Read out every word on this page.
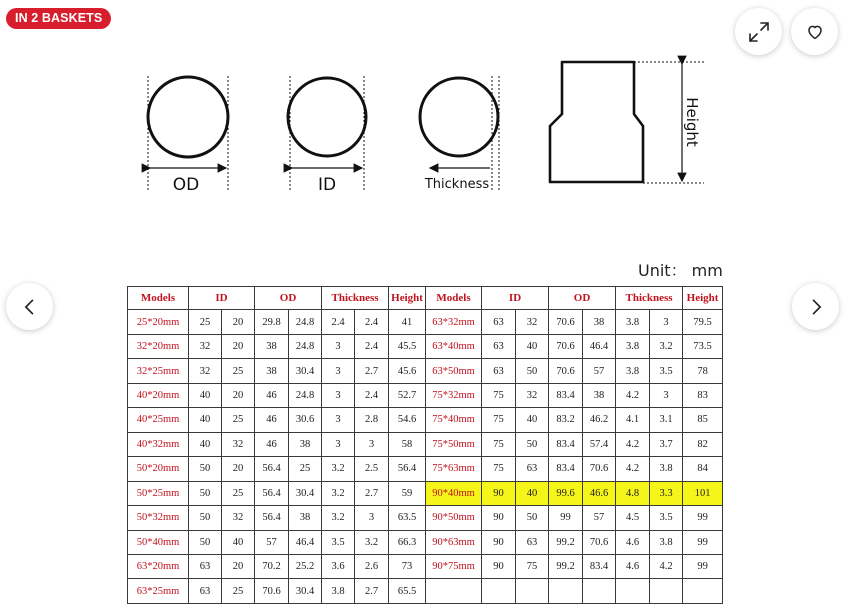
IN 2 BASKETS
OD	ID	Thickness
Height
Unit： mm
Models	ID		OD		Thickness		Height	Models	ID		OD		Thickness		Height
25*20mm	25	20	29.8	24.8	2.4	2.4	41	63*32mm	63	32	70.6	38	3.8	3	79.5
32*20mm	32	20	38	24.8	3	2.4	45.5	63*40mm	63	40	70.6	46.4	3.8	3.2	73.5
32*25mm	32	25	38	30.4	3	2.7	45.6	63*50mm	63	50	70.6	57	3.8	3.5	78
40*20mm	40	20	46	24.8	3	2.4	52.7	75*32mm	75	32	83.4	38	4.2	3	83
40*25mm	40	25	46	30.6	3	2.8	54.6	75*40mm	75	40	83.2	46.2	4.1	3.1	85
40*32mm	40	32	46	38	3	3	58	75*50mm	75	50	83.4	57.4	4.2	3.7	82
50*20mm	50	20	56.4	25	3.2	2.5	56.4	75*63mm	75	63	83.4	70.6	4.2	3.8	84
50*25mm	50	25	56.4	30.4	3.2	2.7	59	90*40mm	90	40	99.6	46.6	4.8	3.3	101
50*32mm	50	32	56.4	38	3.2	3	63.5	90*50mm	90	50	99	57	4.5	3.5	99
50*40mm	50	40	57	46.4	3.5	3.2	66.3	90*63mm	90	63	99.2	70.6	4.6	3.8	99
63*20mm	63	20	70.2	25.2	3.6	2.6	73	90*75mm	90	75	99.2	83.4	4.6	4.2	99
63*25mm	63	25	70.6	30.4	3.8	2.7	65.5								
